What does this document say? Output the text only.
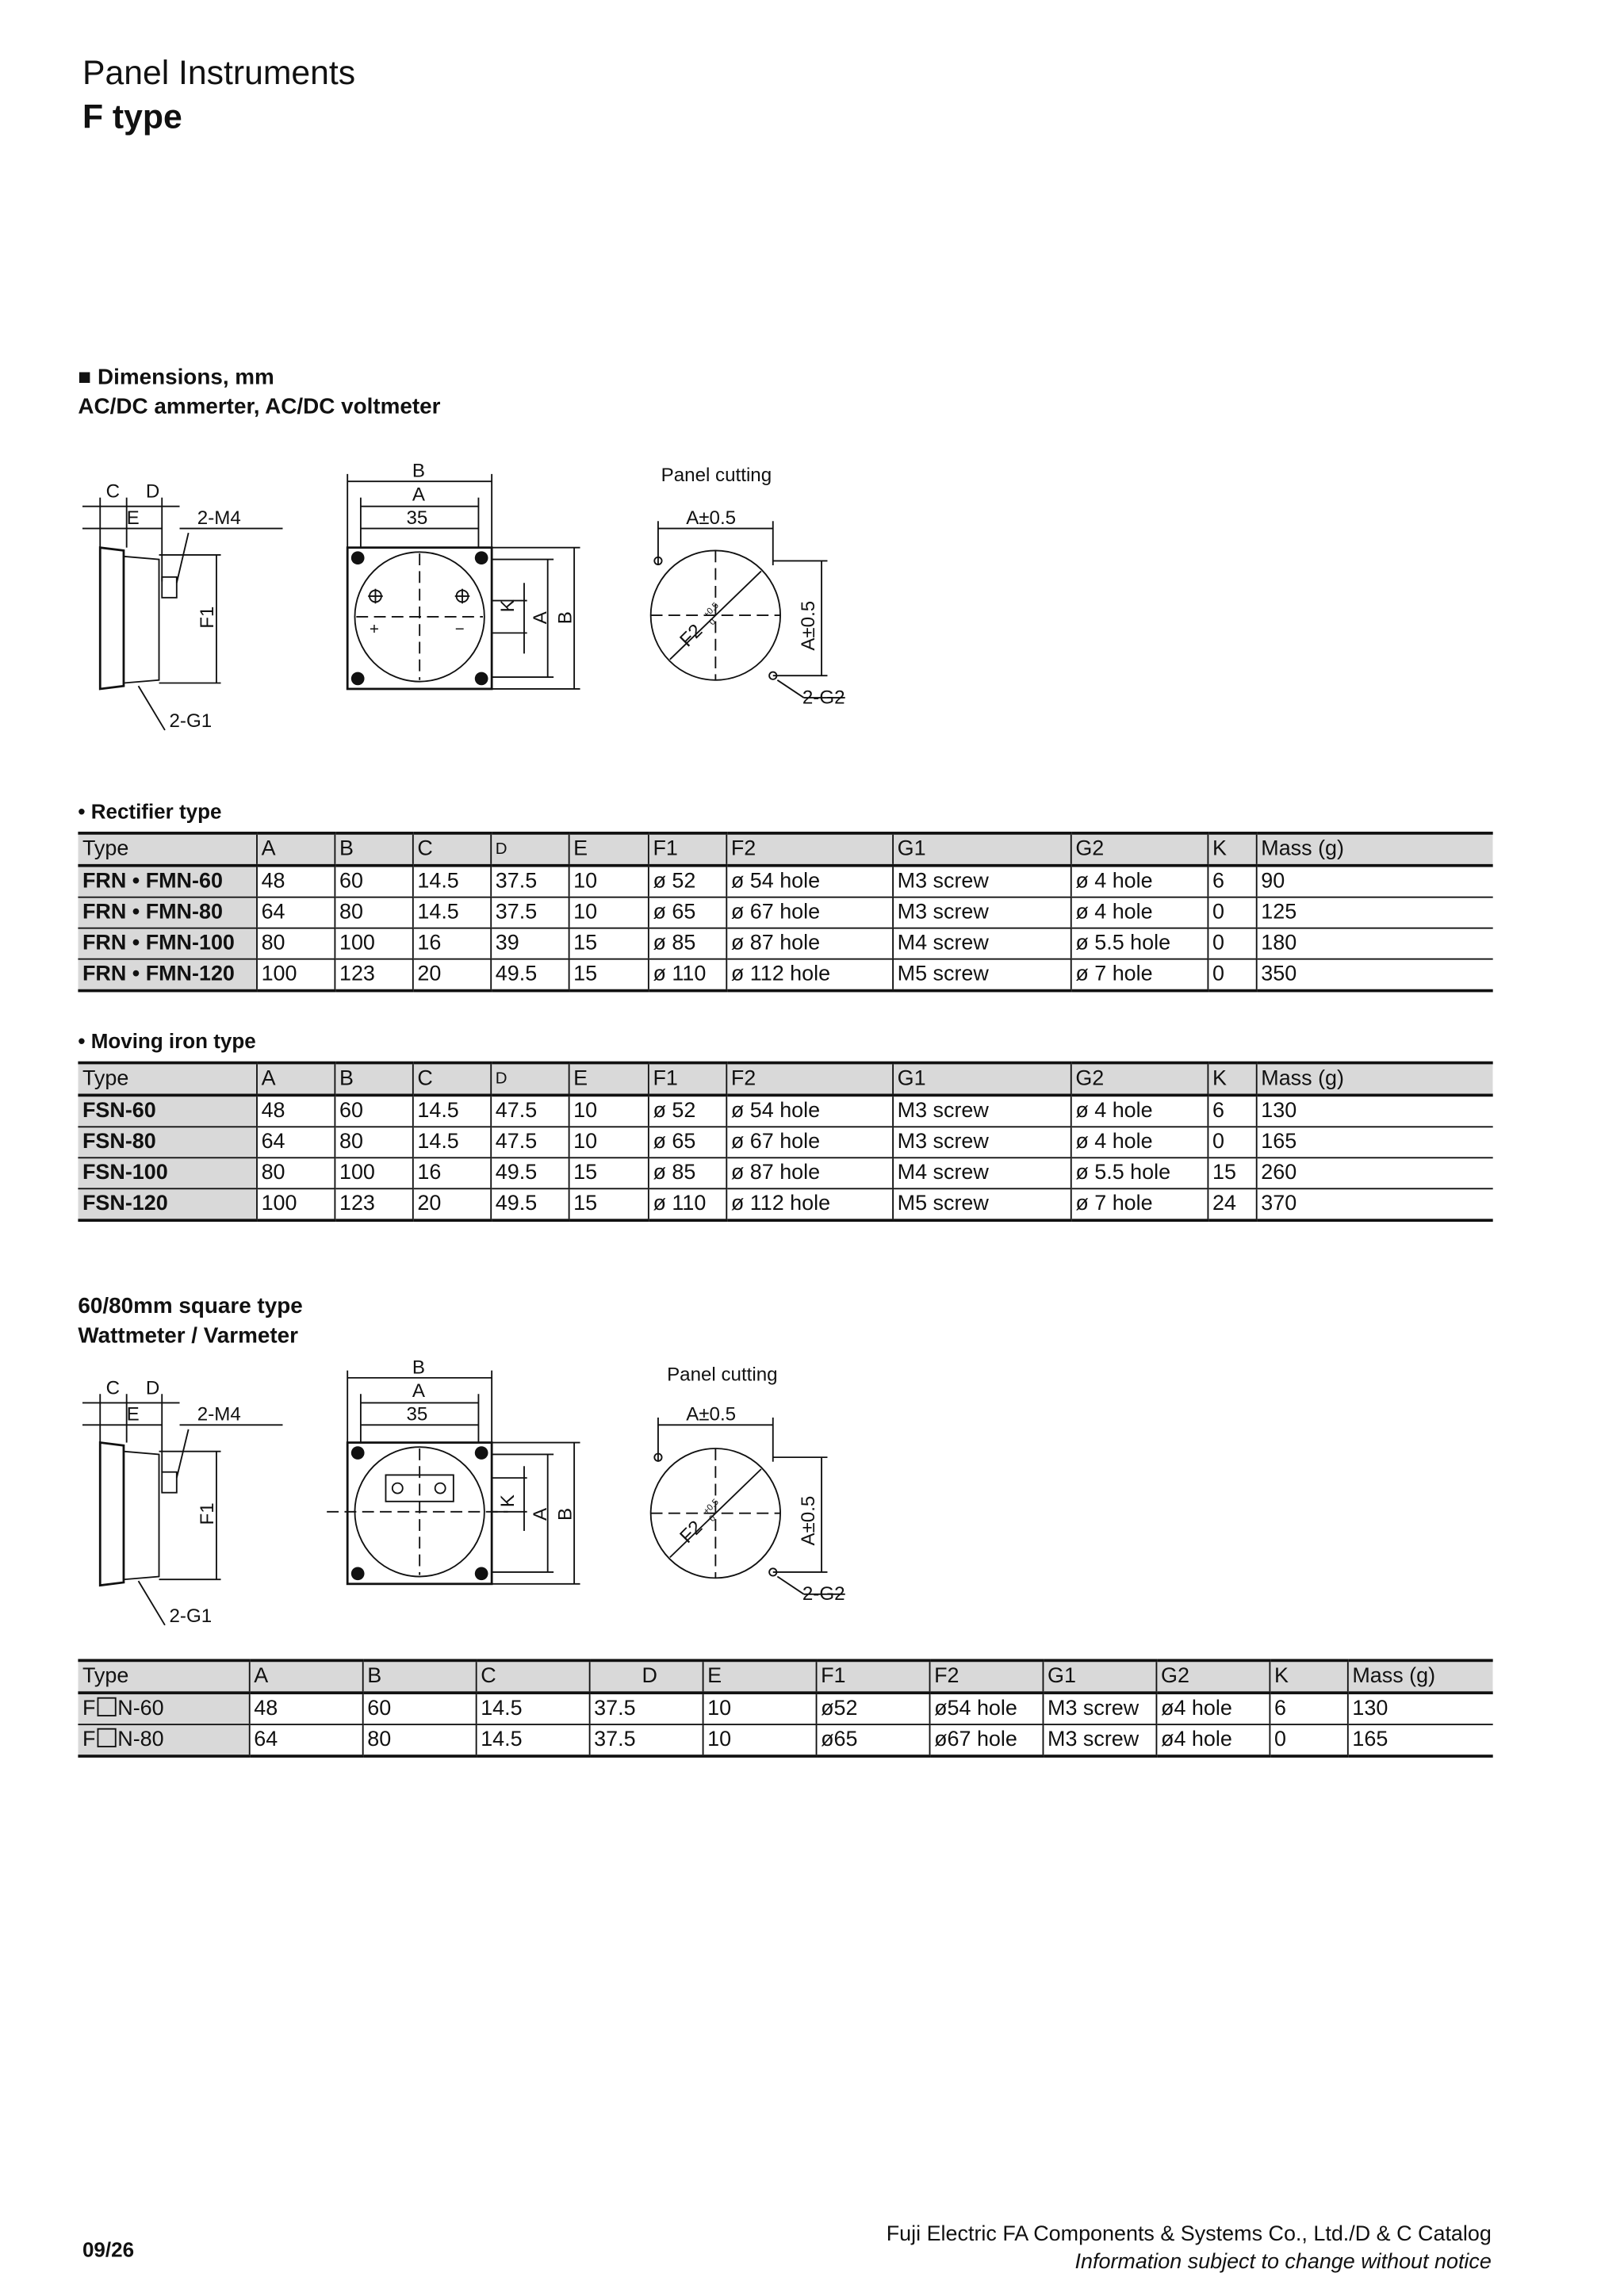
Panel Instruments
F type
■ Dimensions, mm
AC/DC ammerter, AC/DC voltmeter
C	D
E	2-M4
F1
2-G1
B
A
35
K
A B
+	−
Panel cutting
A±0.5
A±0.5
F2
+0.5
0
2-G2
• Rectifier type
Type	A	B	C	D	E	F1	F2	G1	G2	K	Mass (g)
FRN • FMN-60	48	60	14.5	37.5	10	ø 52	ø 54 hole	M3 screw	ø 4 hole	6	90
FRN • FMN-80	64	80	14.5	37.5	10	ø 65	ø 67 hole	M3 screw	ø 4 hole	0	125
FRN • FMN-100	80	100	16	39	15	ø 85	ø 87 hole	M4 screw	ø 5.5 hole	0	180
FRN • FMN-120	100	123	20	49.5	15	ø 110	ø 112 hole	M5 screw	ø 7 hole	0	350
• Moving iron type
Type	A	B	C	D	E	F1	F2	G1	G2	K	Mass (g)
FSN-60	48	60	14.5	47.5	10	ø 52	ø 54 hole	M3 screw	ø 4 hole	6	130
FSN-80	64	80	14.5	47.5	10	ø 65	ø 67 hole	M3 screw	ø 4 hole	0	165
FSN-100	80	100	16	49.5	15	ø 85	ø 87 hole	M4 screw	ø 5.5 hole	15	260
FSN-120	100	123	20	49.5	15	ø 110	ø 112 hole	M5 screw	ø 7 hole	24	370
60/80mm square type
Wattmeter / Varmeter
C	D
E	2-M4
F1
2-G1
B
A
35
K
A B
Panel cutting
A±0.5
A±0.5
F2
+0.5
0
2-G2
Type	A	B	C	D	E	F1	F2	G1	G2	K	Mass (g)
F N-60	48	60	14.5	37.5	10	ø52	ø54 hole	M3 screw	ø4 hole	6	130
F N-80	64	80	14.5	37.5	10	ø65	ø67 hole	M3 screw	ø4 hole	0	165
09/26
Fuji Electric FA Components & Systems Co., Ltd./D & C Catalog
Information subject to change without notice
